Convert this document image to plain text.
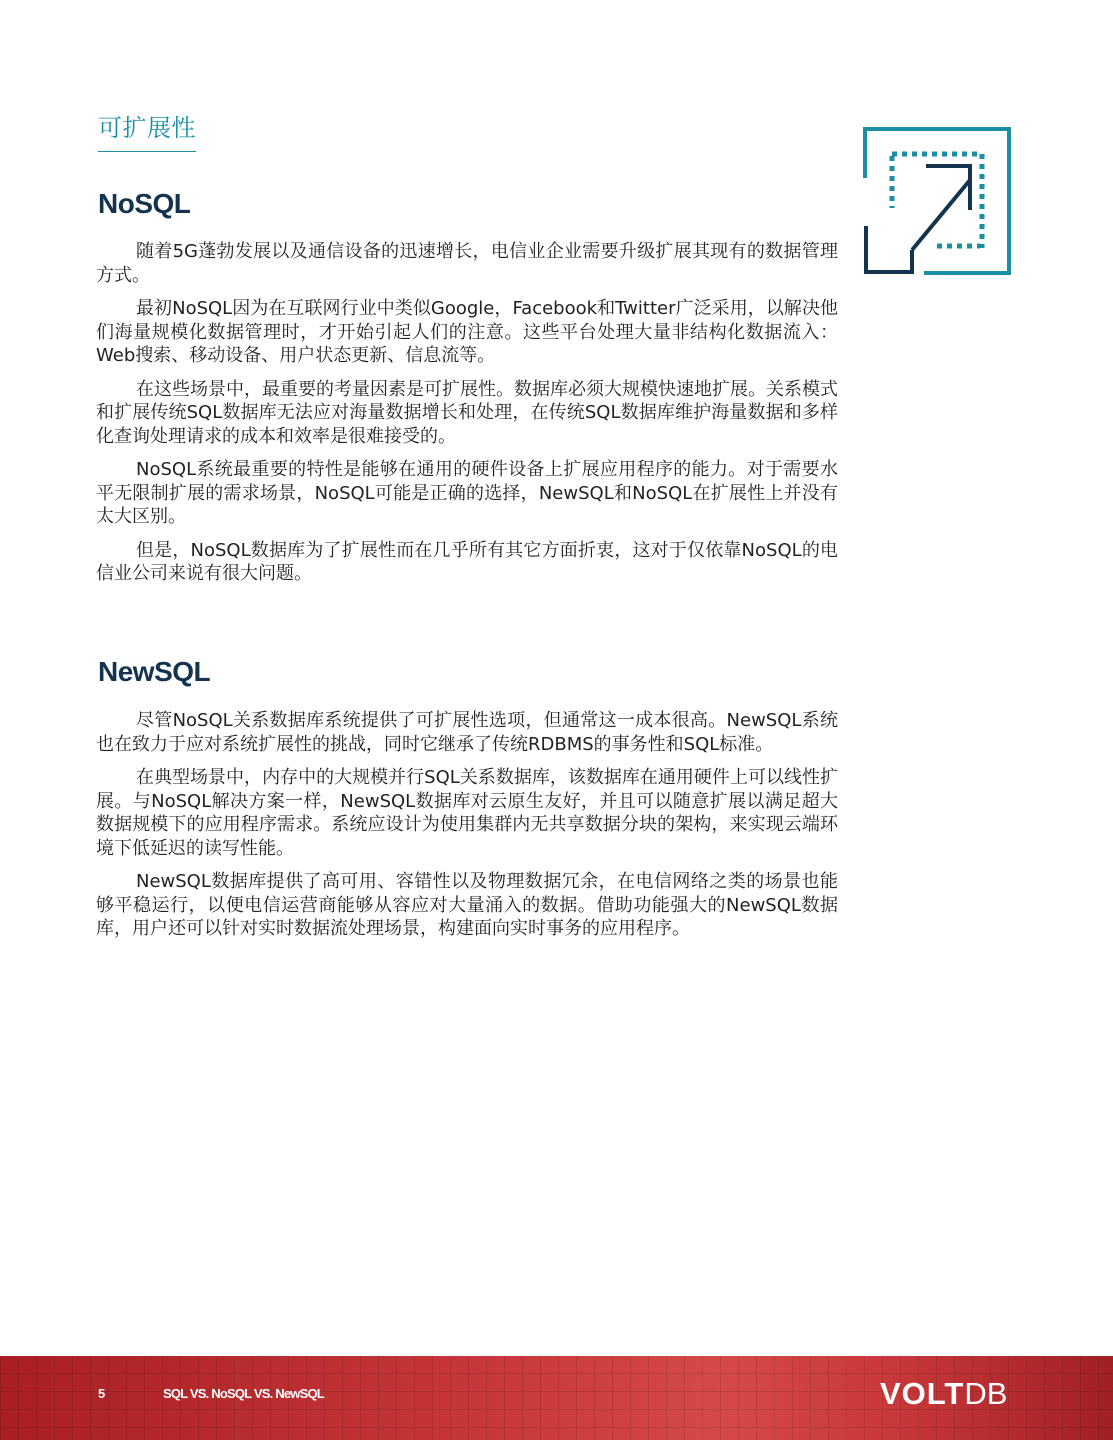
可扩展性
NoSQL

随着5G蓬勃发展以及通信设备的迅速增长，电信业企业需要升级扩展其现有的数据管理方式。

最初NoSQL因为在互联网行业中类似Google，Facebook和Twitter广泛采用，以解决他们海量规模化数据管理时，才开始引起人们的注意。这些平台处理大量非结构化数据流入：Web搜索、移动设备、用户状态更新、信息流等。

在这些场景中，最重要的考量因素是可扩展性。数据库必须大规模快速地扩展。关系模式和扩展传统SQL数据库无法应对海量数据增长和处理，在传统SQL数据库维护海量数据和多样化查询处理请求的成本和效率是很难接受的。

NoSQL系统最重要的特性是能够在通用的硬件设备上扩展应用程序的能力。对于需要水平无限制扩展的需求场景，NoSQL可能是正确的选择，NewSQL和NoSQL在扩展性上并没有太大区别。

但是，NoSQL数据库为了扩展性而在几乎所有其它方面折衷，这对于仅依靠NoSQL的电信业公司来说有很大问题。

NewSQL

尽管NoSQL关系数据库系统提供了可扩展性选项，但通常这一成本很高。NewSQL系统也在致力于应对系统扩展性的挑战，同时它继承了传统RDBMS的事务性和SQL标准。

在典型场景中，内存中的大规模并行SQL关系数据库，该数据库在通用硬件上可以线性扩展。与NoSQL解决方案一样，NewSQL数据库对云原生友好，并且可以随意扩展以满足超大数据规模下的应用程序需求。系统应设计为使用集群内无共享数据分块的架构，来实现云端环境下低延迟的读写性能。

NewSQL数据库提供了高可用、容错性以及物理数据冗余，在电信网络之类的场景也能够平稳运行，以便电信运营商能够从容应对大量涌入的数据。借助功能强大的NewSQL数据库，用户还可以针对实时数据流处理场景，构建面向实时事务的应用程序。

5	SQL VS. NoSQL VS. NewSQL	VOLTDB
